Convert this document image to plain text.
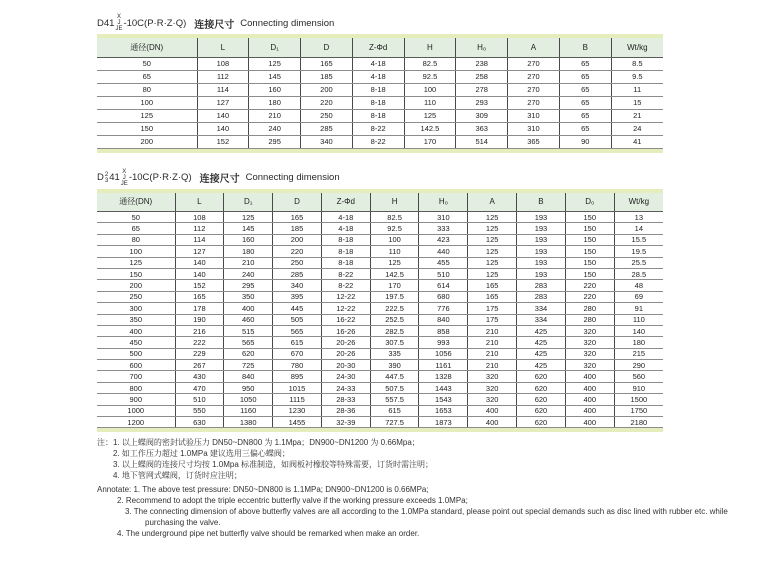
D41
X
J
JE
-10C(P·R·Z·Q) 连接尺寸 Connecting dimension
通径(DN)	L	D₁	D	Z-Φd	H	H₀	A	B	Wt/kg
50	108	125	165	4-18	82.5	238	270	65	8.5
65	112	145	185	4-18	92.5	258	270	65	9.5
80	114	160	200	8-18	100	278	270	65	11
100	127	180	220	8-18	110	293	270	65	15
125	140	210	250	8-18	125	309	310	65	21
150	140	240	285	8-22	142.5	363	310	65	24
200	152	295	340	8-22	170	514	365	90	41
D 2
3 41
X
J
JE
-10C(P·R·Z·Q) 连接尺寸 Connecting dimension
通径(DN)	L	D₁	D	Z-Φd	H	H₀	A	B	D₀	Wt/kg
50	108	125	165	4-18	82.5	310	125	193	150	13
65	112	145	185	4-18	92.5	333	125	193	150	14
80	114	160	200	8-18	100	423	125	193	150	15.5
100	127	180	220	8-18	110	440	125	193	150	19.5
125	140	210	250	8-18	125	455	125	193	150	25.5
150	140	240	285	8-22	142.5	510	125	193	150	28.5
200	152	295	340	8-22	170	614	165	283	220	48
250	165	350	395	12-22	197.5	680	165	283	220	69
300	178	400	445	12-22	222.5	776	175	334	280	91
350	190	460	505	16-22	252.5	840	175	334	280	110
400	216	515	565	16-26	282.5	858	210	425	320	140
450	222	565	615	20-26	307.5	993	210	425	320	180
500	229	620	670	20-26	335	1056	210	425	320	215
600	267	725	780	20-30	390	1161	210	425	320	290
700	430	840	895	24-30	447.5	1328	320	620	400	560
800	470	950	1015	24-33	507.5	1443	320	620	400	910
900	510	1050	1115	28-33	557.5	1543	320	620	400	1500
1000	550	1160	1230	28-36	615	1653	400	620	400	1750
1200	630	1380	1455	32-39	727.5	1873	400	620	400	2180
注：1. 以上蝶阀的密封试验压力 DN50~DN800 为 1.1Mpa；DN900~DN1200 为 0.66Mpa；
2. 如工作压力超过 1.0MPa 建议选用三偏心蝶阀；
3. 以上蝶阀的连接尺寸均按 1.0Mpa 标准制造，如阀板衬橡胶等特殊需要，订货时需注明；
4. 地下管网式蝶阀，订货时应注明；
Annotate: 1. The above test pressure: DN50~DN800 is 1.1MPa; DN900~DN1200 is 0.66MPa;
2. Recommend to adopt the triple eccentric butterfly valve if the working pressure exceeds 1.0MPa;
3. The connecting dimension of above butterfly valves are all according to the 1.0MPa standard, please point out special demands such as disc lined with rubber etc. while purchasing the valve.
4. The underground pipe net butterfly valve should be remarked when make an order.
